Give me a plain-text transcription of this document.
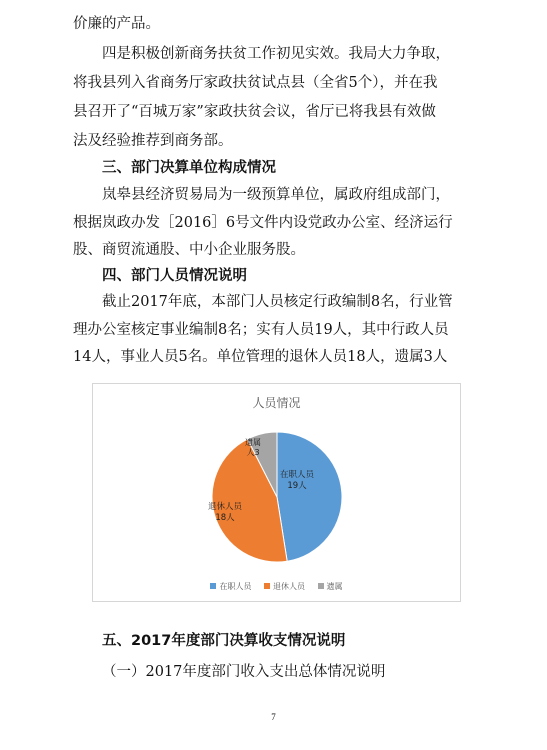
价廉的产品。
四是积极创新商务扶贫工作初见实效。我局大力争取，
将我县列入省商务厅家政扶贫试点县（全省5个），并在我
县召开了“百城万家”家政扶贫会议，省厅已将我县有效做
法及经验推荐到商务部。
三、部门决算单位构成情况
岚皋县经济贸易局为一级预算单位，属政府组成部门，
根据岚政办发［2016］6号文件内设党政办公室、经济运行
股、商贸流通股、中小企业服务股。
四、部门人员情况说明
截止2017年底，本部门人员核定行政编制8名，行业管
理办公室核定事业编制8名；实有人员19人，其中行政人员
14人，事业人员5名。单位管理的退休人员18人，遗属3人
人员情况
在职人员
19人
退休人员
18人
遗属
人3
在职人员	退休人员	遗属
五、2017年度部门决算收支情况说明
（一）2017年度部门收入支出总体情况说明
7
